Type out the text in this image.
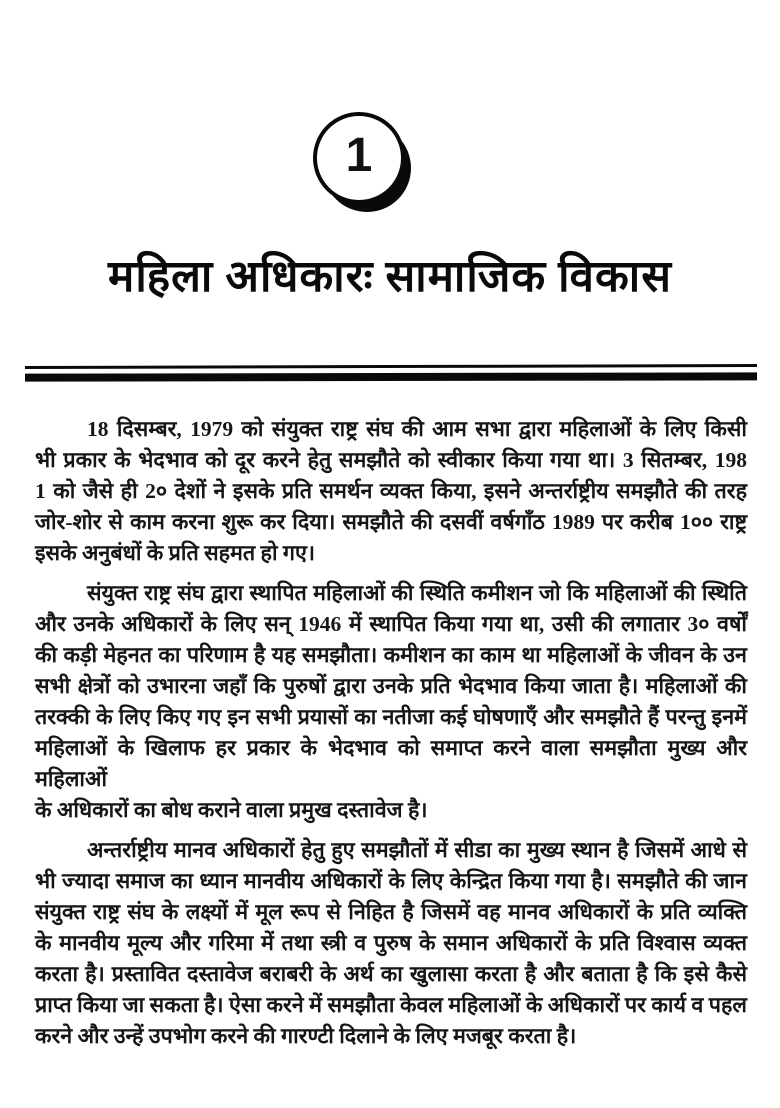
1
महिला अधिकारः सामाजिक विकास
18 दिसम्बर, 1979 को संयुक्त राष्ट्र संघ की आम सभा द्वारा महिलाओं के लिए किसी
भी प्रकार के भेदभाव को दूर करने हेतु समझौते को स्वीकार किया गया था। 3 सितम्बर, 198
1 को जैसे ही 2० देशों ने इसके प्रति समर्थन व्यक्त किया, इसने अन्तर्राष्ट्रीय समझौते की तरह
जोर-शोर से काम करना शुरू कर दिया। समझौते की दसवीं वर्षगाँठ 1989 पर करीब 1०० राष्ट्र
इसके अनुबंधों के प्रति सहमत हो गए।
संयुक्त राष्ट्र संघ द्वारा स्थापित महिलाओं की स्थिति कमीशन जो कि महिलाओं की स्थिति
और उनके अधिकारों के लिए सन् 1946 में स्थापित किया गया था, उसी की लगातार 3० वर्षों
की कड़ी मेहनत का परिणाम है यह समझौता। कमीशन का काम था महिलाओं के जीवन के उन
सभी क्षेत्रों को उभारना जहाँ कि पुरुषों द्वारा उनके प्रति भेदभाव किया जाता है। महिलाओं की
तरक्की के लिए किए गए इन सभी प्रयासों का नतीजा कई घोषणाएँ और समझौते हैं परन्तु इनमें
महिलाओं के खिलाफ हर प्रकार के भेदभाव को समाप्त करने वाला समझौता मुख्य और महिलाओं
के अधिकारों का बोध कराने वाला प्रमुख दस्तावेज है।
अन्तर्राष्ट्रीय मानव अधिकारों हेतु हुए समझौतों में सीडा का मुख्य स्थान है जिसमें आधे से
भी ज्यादा समाज का ध्यान मानवीय अधिकारों के लिए केन्द्रित किया गया है। समझौते की जान
संयुक्त राष्ट्र संघ के लक्ष्यों में मूल रूप से निहित है जिसमें वह मानव अधिकारों के प्रति व्यक्ति
के मानवीय मूल्य और गरिमा में तथा स्त्री व पुरुष के समान अधिकारों के प्रति विश्वास व्यक्त
करता है। प्रस्तावित दस्तावेज बराबरी के अर्थ का खुलासा करता है और बताता है कि इसे कैसे
प्राप्त किया जा सकता है। ऐसा करने में समझौता केवल महिलाओं के अधिकारों पर कार्य व पहल
करने और उन्हें उपभोग करने की गारण्टी दिलाने के लिए मजबूर करता है।
